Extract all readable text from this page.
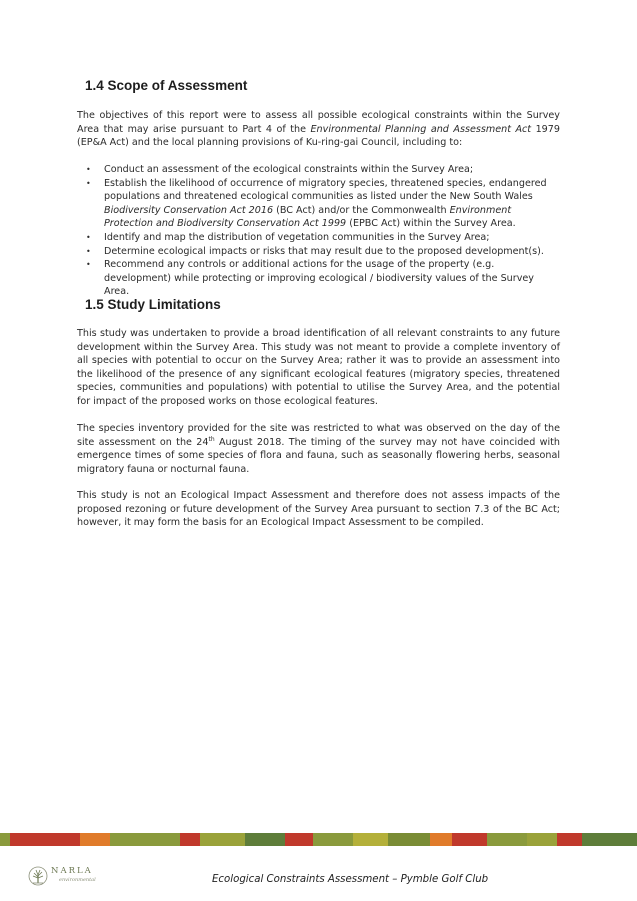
1.4 Scope of Assessment

The objectives of this report were to assess all possible ecological constraints within the Survey Area that may arise pursuant to Part 4 of the Environmental Planning and Assessment Act 1979 (EP&A Act) and the local planning provisions of Ku-ring-gai Council, including to:

• Conduct an assessment of the ecological constraints within the Survey Area;
• Establish the likelihood of occurrence of migratory species, threatened species, endangered populations and threatened ecological communities as listed under the New South Wales Biodiversity Conservation Act 2016 (BC Act) and/or the Commonwealth Environment Protection and Biodiversity Conservation Act 1999 (EPBC Act) within the Survey Area.
• Identify and map the distribution of vegetation communities in the Survey Area;
• Determine ecological impacts or risks that may result due to the proposed development(s).
• Recommend any controls or additional actions for the usage of the property (e.g. development) while protecting or improving ecological / biodiversity values of the Survey Area.
1.5 Study Limitations

This study was undertaken to provide a broad identification of all relevant constraints to any future development within the Survey Area. This study was not meant to provide a complete inventory of all species with potential to occur on the Survey Area; rather it was to provide an assessment into the likelihood of the presence of any significant ecological features (migratory species, threatened species, communities and populations) with potential to utilise the Survey Area, and the potential for impact of the proposed works on those ecological features.

The species inventory provided for the site was restricted to what was observed on the day of the site assessment on the 24th August 2018. The timing of the survey may not have coincided with emergence times of some species of flora and fauna, such as seasonally flowering herbs, seasonal migratory fauna or nocturnal fauna.

This study is not an Ecological Impact Assessment and therefore does not assess impacts of the proposed rezoning or future development of the Survey Area pursuant to section 7.3 of the BC Act; however, it may form the basis for an Ecological Impact Assessment to be compiled.

NARLA
environmental	Ecological Constraints Assessment – Pymble Golf Club
